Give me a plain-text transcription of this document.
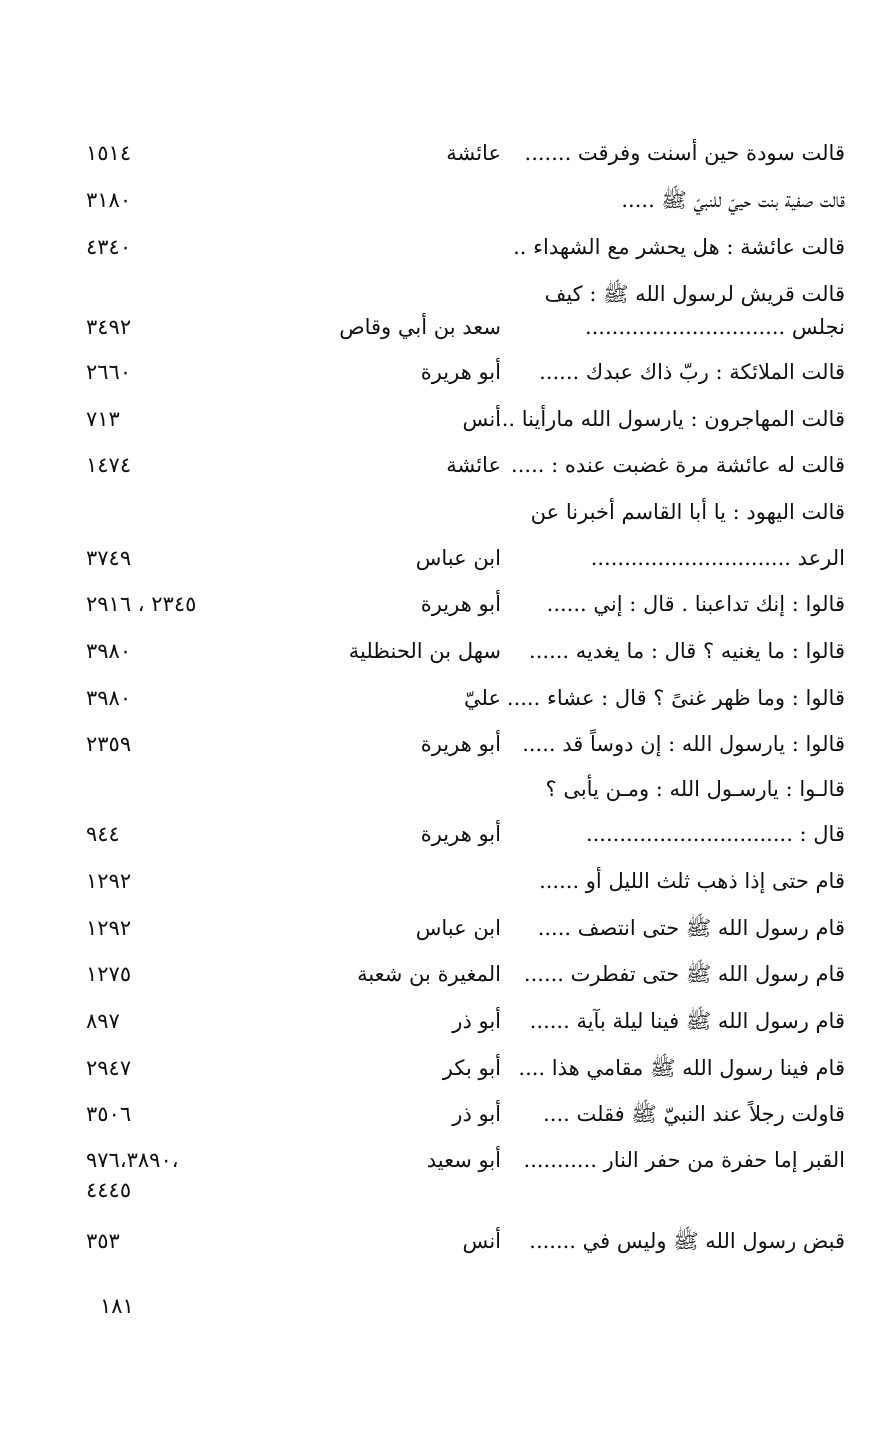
قالت سودة حين أسنت وفرقت .......
عائشة
١٥١٤
قالت صفية بنت حييّ للنبيّ ﷺ .....
٣١٨٠
قالت عائشة : هل يحشر مع الشهداء ..
٤٣٤٠
قالت قريش لرسول الله ﷺ : كيف
نجلس ..............................
سعد بن أبي وقاص
٣٤٩٢
قالت الملائكة : ربّ ذاك عبدك ......
أبو هريرة
٢٦٦٠
قالت المهاجرون : يارسول الله مارأينا ...
أنس
٧١٣
قالت له عائشة مرة غضبت عنده : .....
عائشة
١٤٧٤
قالت اليهود : يا أبا القاسم أخبرنا عن
الرعد ..............................
ابن عباس
٣٧٤٩
قالوا : إنك تداعبنا . قال : إني ......
أبو هريرة
٢٣٤٥ ، ٢٩١٦
قالوا : ما يغنيه ؟ قال : ما يغديه ......
سهل بن الحنظلية
٣٩٨٠
قالوا : وما ظهر غنىً ؟ قال : عشاء .....
عليّ
٣٩٨٠
قالوا : يارسول الله : إن دوساً قد .....
أبو هريرة
٢٣٥٩
قالـوا : يارسـول الله : ومـن يأبى ؟
قال : ...............................
أبو هريرة
٩٤٤
قام حتى إذا ذهب ثلث الليل أو ......
١٢٩٢
قام رسول الله ﷺ حتى انتصف .....
ابن عباس
١٢٩٢
قام رسول الله ﷺ حتى تفطرت ......
المغيرة بن شعبة
١٢٧٥
قام رسول الله ﷺ فينا ليلة بآية ......
أبو ذر
٨٩٧
قام فينا رسول الله ﷺ مقامي هذا ....
أبو بكر
٢٩٤٧
قاولت رجلاً عند النبيّ ﷺ فقلت ....
أبو ذر
٣٥٠٦
القبر إما حفرة من حفر النار ...........
أبو سعيد
٩٧٦،٣٨٩٠،
٤٤٤٥
قبض رسول الله ﷺ وليس في .......
أنس
٣٥٣
١٨١
